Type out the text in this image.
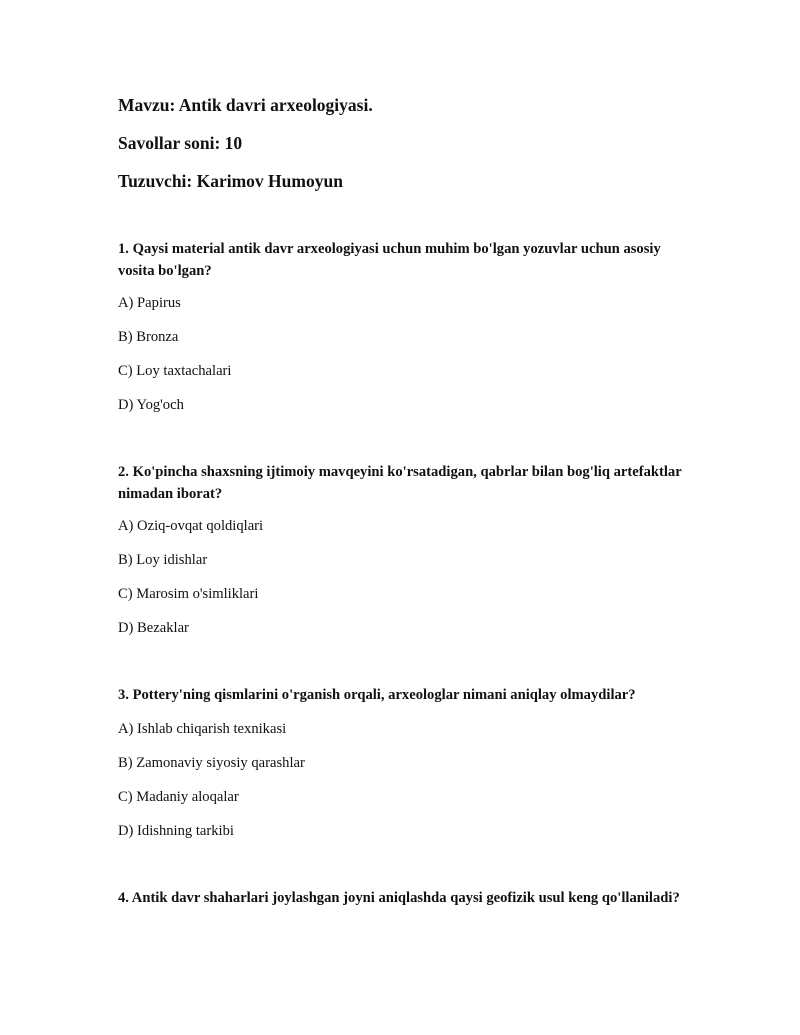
Mavzu: Antik davri arxeologiyasi.
Savollar soni: 10
Tuzuvchi: Karimov Humoyun
1. Qaysi material antik davr arxeologiyasi uchun muhim bo'lgan yozuvlar uchun asosiy vosita bo'lgan?
A) Papirus
B) Bronza
C) Loy taxtachalari
D) Yog'och
2. Ko'pincha shaxsning ijtimoiy mavqeyini ko'rsatadigan, qabrlar bilan bog'liq artefaktlar nimadan iborat?
A) Oziq-ovqat qoldiqlari
B) Loy idishlar
C) Marosim o'simliklari
D) Bezaklar
3. Pottery'ning qismlarini o'rganish orqali, arxeologlar nimani aniqlay olmaydilar?
A) Ishlab chiqarish texnikasi
B) Zamonaviy siyosiy qarashlar
C) Madaniy aloqalar
D) Idishning tarkibi
4. Antik davr shaharlari joylashgan joyni aniqlashda qaysi geofizik usul keng qo'llaniladi?
